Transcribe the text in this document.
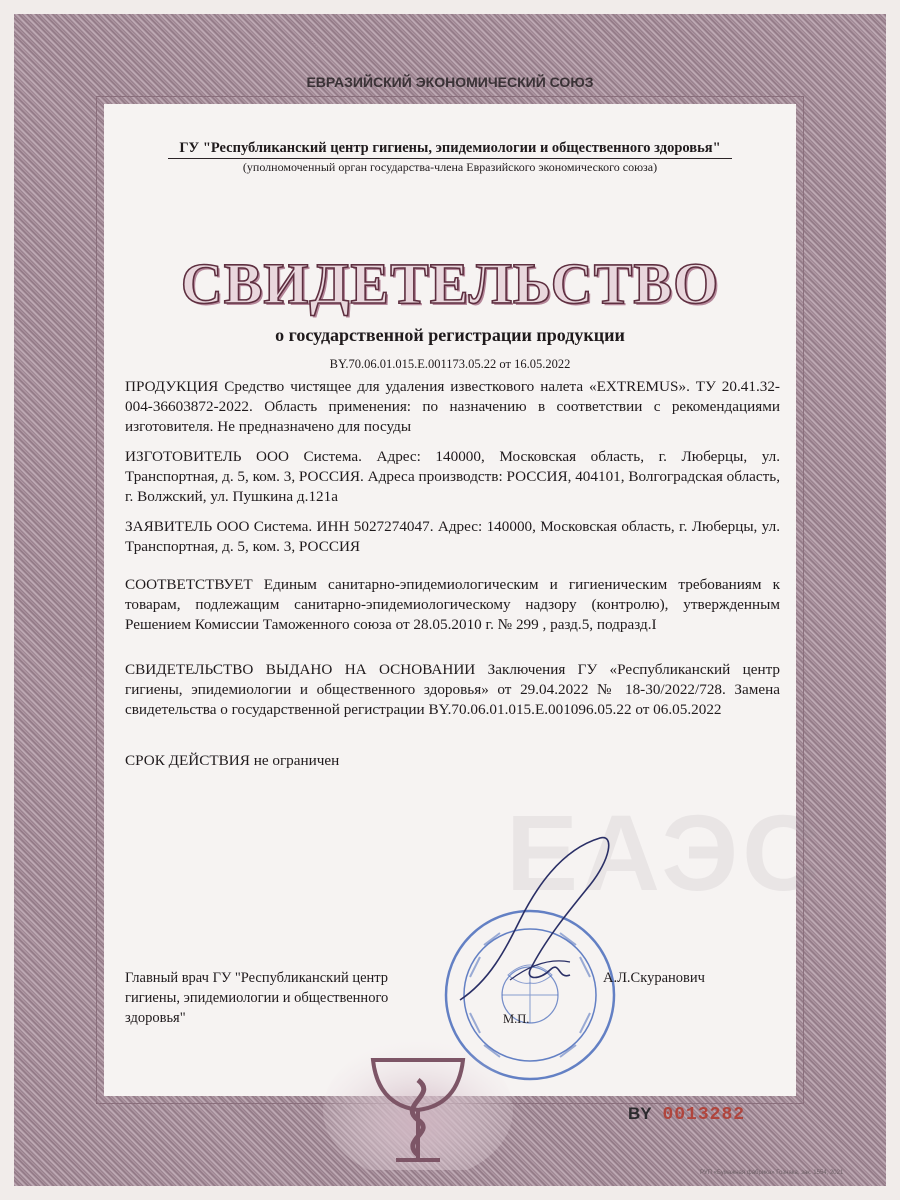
ЕАЭС
ЕВРАЗИЙСКИЙ ЭКОНОМИЧЕСКИЙ СОЮЗ
ГУ "Республиканский центр гигиены, эпидемиологии и общественного здоровья"
(уполномоченный орган государства-члена Евразийского экономического союза)
СВИДЕТЕЛЬСТВО
о государственной регистрации продукции
BY.70.06.01.015.E.001173.05.22 от 16.05.2022
ПРОДУКЦИЯ Средство чистящее для удаления известкового налета «EXTREMUS». ТУ 20.41.32-004-36603872-2022. Область применения: по назначению в соответствии с рекомендациями изготовителя. Не предназначено для посуды
ИЗГОТОВИТЕЛЬ ООО Система. Адрес: 140000, Московская область, г. Люберцы, ул. Транспортная, д. 5, ком. 3, РОССИЯ. Адреса производств: РОССИЯ, 404101, Волгоградская область, г. Волжский, ул. Пушкина д.121а
ЗАЯВИТЕЛЬ ООО Система. ИНН 5027274047. Адрес: 140000, Московская область, г. Люберцы, ул. Транспортная, д. 5, ком. 3, РОССИЯ
СООТВЕТСТВУЕТ Единым санитарно-эпидемиологическим и гигиеническим требованиям к товарам, подлежащим санитарно-эпидемиологическому надзору (контролю), утвержденным Решением Комиссии Таможенного союза от 28.05.2010 г. № 299 , разд.5, подразд.I
СВИДЕТЕЛЬСТВО ВЫДАНО НА ОСНОВАНИИ Заключения ГУ «Республиканский центр гигиены, эпидемиологии и общественного здоровья» от 29.04.2022 № 18-30/2022/728. Замена свидетельства о государственной регистрации BY.70.06.01.015.E.001096.05.22 от 06.05.2022
СРОК ДЕЙСТВИЯ не ограничен
Главный врач ГУ "Республиканский центр гигиены, эпидемиологии и общественного здоровья"
А.Л.Скуранович
М.П.
BY 0013282
РУП «Бумажная фабрика» Гознака, зак. 1554, 2021
